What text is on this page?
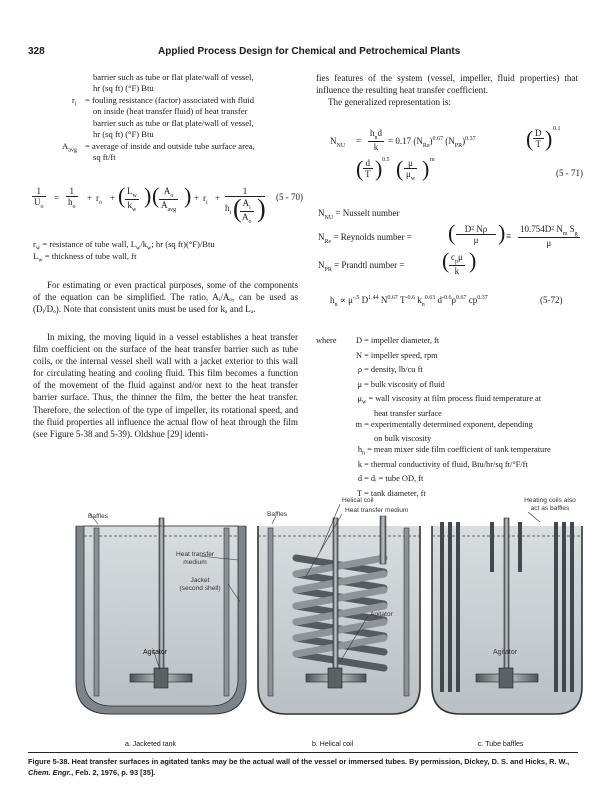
328	Applied Process Design for Chemical and Petrochemical Plants
barrier such as tube or flat plate/wall of vessel,
hr (sq ft) (°F) Btu
$r_i$ = fouling resistance (factor) associated with fluid
on inside (heat transfer fluid) of heat transfer
barrier such as tube or flat plate/wall of vessel,
hr (sq ft) (°F) Btu
$A_{avg}$ = average of inside and outside tube surface area,
sq ft/ft
$\frac{1}{U_o} = \frac{1}{h_o} + r_o$ + ( $\frac{L_w}{k_w}$ ) ( $A_o$
$A_{avg}$
) + $r_i + 1$
$h_i$ (
$\frac{A_i}{A_o}$ ) (5 - 70)
$r_w$ = resistance of tube wall, $L_w/k_w$; hr (sq ft)(°F)/Btu
$L_w$ = thickness of tube wall, ft
For estimating or even practical purposes, some of the components of the equation can be simplified. The ratio, Aᵢ/Aₒ, can be used as (Dᵢ/Dₒ). Note that consistent units must be used for kₐ and Lₐ.
In mixing, the moving liquid in a vessel establishes a heat transfer film coefficient on the surface of the heat transfer barrier such as tube coils, or the internal vessel shell wall with a jacket exterior to this wall for circulating heating and cooling fluid. This film becomes a function of the movement of the fluid against and/or next to the heat transfer barrier surface. Thus, the thinner the film, the better the heat transfer. Therefore, the selection of the type of impeller, its rotational speed, and the fluid properties all influence the actual flow of heat through the film (see Figure 5-38 and 5-39). Oldshue [29] identi-
fies features of the system (vessel, impeller, fluid properties) that influence the resulting heat transfer coefficient.
The generalized representation is:
$N_{NU}$ =
$h_nd$
k
= 0.17 $(N_{Re})^{0.67}$ $(N_{PR})^{0.37}$ ( $\frac{D}{T}$ ) 0.1
( $\frac{d}{T}$ ) 0.5 ( $\frac{\mu}{\mu_w}$ ) m
(5 - 71)
$N_{NU}$ = Nusselt number
$N_{Re}$ = Reynolds number = ( $\frac{\text{D² Nρ}}{\mu}$ ) ≡ $\frac{10.754D^2 N_m S_g}{\mu}$
$N_{PR}$ = Prandtl number = ( $c_p\mu$
k )
$h_n \propto \mu^{-.5}$ $D^{1.44}$ $N^{0.67}$ $T^{-0.6}$ $k_n^{0.63}$ $d^{-0.6}\rho^{0.67}$ $cp^{0.37}$	(5-72)
where	D = impeller diameter, ft
N = impeller speed, rpm
ρ = density, lb/cu ft
μ = bulk viscosity of fluid
$\mu_w$ = wall viscosity at film process fluid temperature at
heat transfer surface
m = experimentally determined exponent, depending
on bulk viscosity
$h_n$ = mean mixer side film coefficient of tank temperature
k = thermal conductivity of fluid, Btu/hr/sq ft/°F/ft
d = dᵢ = tube OD, ft
T = tank diameter, ft
Baffles
Heat transfer
medium
Jacket
(second shell)
Agitator
Baffles
Helical coil
Heat transfer medium
Agitator
Heating coils also
act as baffles
Agitator
a. Jacketed tank	b. Helical coil	c. Tube baffles
Figure 5-38. Heat transfer surfaces in agitated tanks may be the actual wall of the vessel or immersed tubes. By permission, Dickey, D. S. and Hicks, R. W., Chem. Engr., Feb. 2, 1976, p. 93 [35].
